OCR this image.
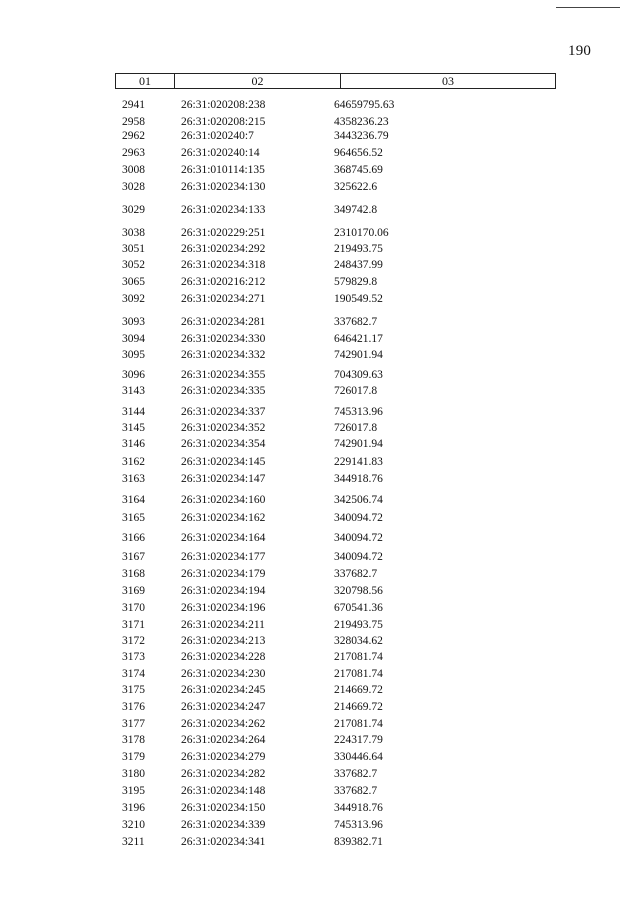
190
01	02	03
2941	26:31:020208:238	64659795.63
2958	26:31:020208:215	4358236.23
2962	26:31:020240:7	3443236.79
2963	26:31:020240:14	964656.52
3008	26:31:010114:135	368745.69
3028	26:31:020234:130	325622.6
3029	26:31:020234:133	349742.8
3038	26:31:020229:251	2310170.06
3051	26:31:020234:292	219493.75
3052	26:31:020234:318	248437.99
3065	26:31:020216:212	579829.8
3092	26:31:020234:271	190549.52
3093	26:31:020234:281	337682.7
3094	26:31:020234:330	646421.17
3095	26:31:020234:332	742901.94
3096	26:31:020234:355	704309.63
3143	26:31:020234:335	726017.8
3144	26:31:020234:337	745313.96
3145	26:31:020234:352	726017.8
3146	26:31:020234:354	742901.94
3162	26:31:020234:145	229141.83
3163	26:31:020234:147	344918.76
3164	26:31:020234:160	342506.74
3165	26:31:020234:162	340094.72
3166	26:31:020234:164	340094.72
3167	26:31:020234:177	340094.72
3168	26:31:020234:179	337682.7
3169	26:31:020234:194	320798.56
3170	26:31:020234:196	670541.36
3171	26:31:020234:211	219493.75
3172	26:31:020234:213	328034.62
3173	26:31:020234:228	217081.74
3174	26:31:020234:230	217081.74
3175	26:31:020234:245	214669.72
3176	26:31:020234:247	214669.72
3177	26:31:020234:262	217081.74
3178	26:31:020234:264	224317.79
3179	26:31:020234:279	330446.64
3180	26:31:020234:282	337682.7
3195	26:31:020234:148	337682.7
3196	26:31:020234:150	344918.76
3210	26:31:020234:339	745313.96
3211	26:31:020234:341	839382.71
